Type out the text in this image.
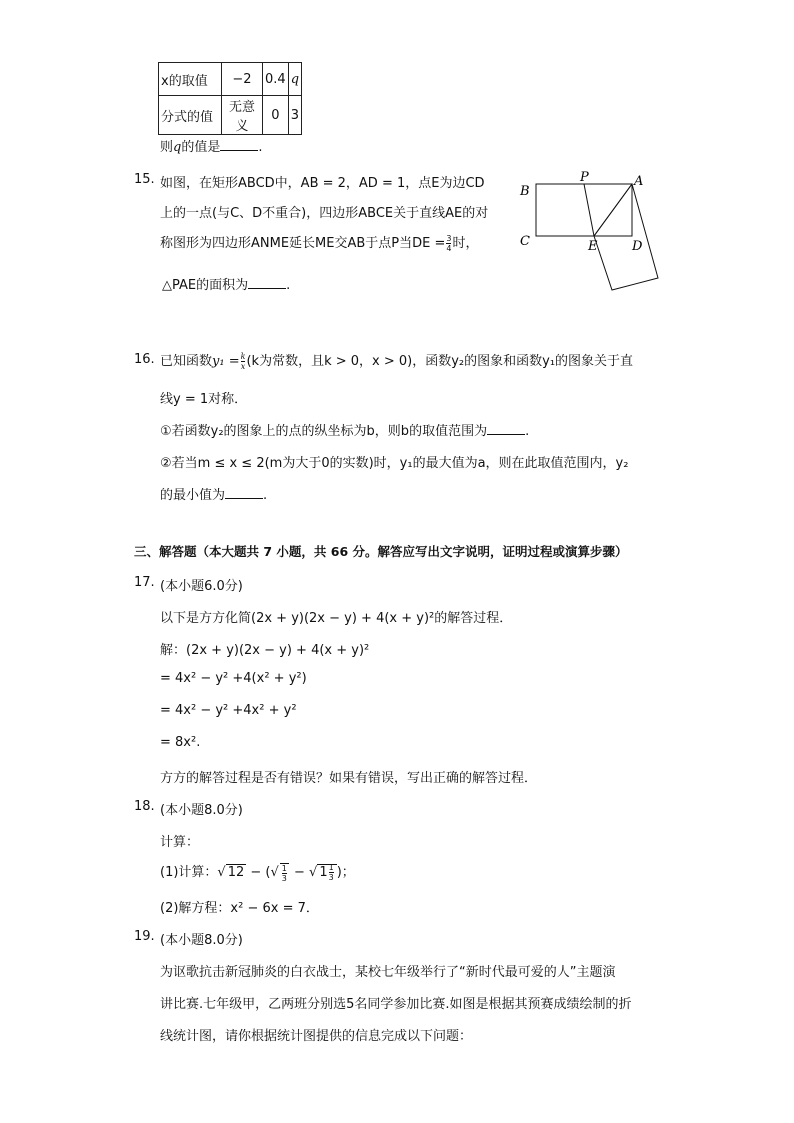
x的取值	−2	0.4	q
分式的值	无意义	0	3
则q的值是	.
15. 如图，在矩形ABCD中，AB = 2，AD = 1，点E为边CD
上的一点(与C、D不重合)，四边形ABCE关于直线AE的对
称图形为四边形ANME延长ME交AB于点P当DE = $\frac{3}{4}$ 时，
△PAE的面积为	.
B
P	A
C	E	D
16. 已知函数$y_1 = \frac{k}{x} (k$为常数，且k > 0，x > 0)，函数y₂的图象和函数y₁的图象关于直
线y = 1对称．
①若函数y₂的图象上的点的纵坐标为b，则b的取值范围为	.
②若当m ≤ x ≤ 2(m为大于0的实数)时，y₁的最大值为a，则在此取值范围内，y₂
的最小值为	.
三、解答题（本大题共 7 小题，共 66 分。解答应写出文字说明，证明过程或演算步骤）
17. (本小题6.0分)
以下是方方化简(2x + y)(2x − y) + 4(x + y)²的解答过程．
解：(2x + y)(2x − y) + 4(x + y)²
= 4x² − y² +4(x² + y²)
= 4x² − y² +4x² + y²
= 8x².
方方的解答过程是否有错误？如果有错误，写出正确的解答过程．
18. (本小题8.0分)
计算：
(1)计算：√ 12 − (√ $\frac{1}{3}$ − √ $1 \frac{1}{3}$ )；
(2)解方程：x² − 6x = 7．
19. (本小题8.0分)
为讴歌抗击新冠肺炎的白衣战士，某校七年级举行了“新时代最可爱的人”主题演
讲比赛.七年级甲，乙两班分别选5名同学参加比赛.如图是根据其预赛成绩绘制的折
线统计图，请你根据统计图提供的信息完成以下问题：
